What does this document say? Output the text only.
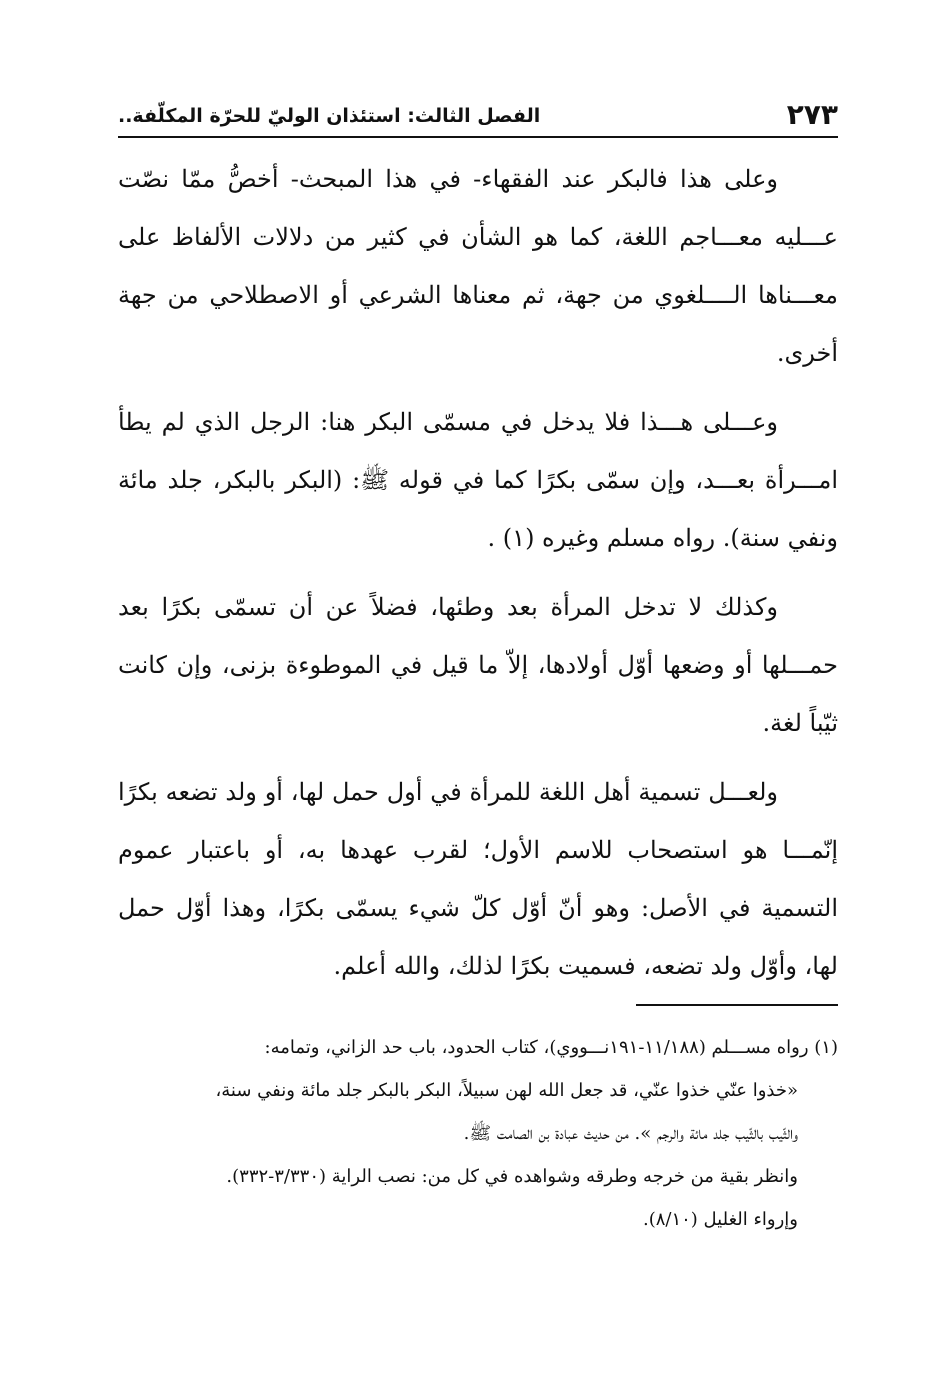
٢٧٣
الفصل الثالث: استئذان الوليّ للحرّة المكلّفة..

وعلى هذا فالبكر عند الفقهاء- في هذا المبحث- أخصُّ ممّا نصّت عـــليه معـــاجم اللغة، كما هو الشأن في كثير من دلالات الألفاظ على معـــناها الــــلغوي من جهة، ثم معناها الشرعي أو الاصطلاحي من جهة أخرى.

وعـــلى هـــذا فلا يدخل في مسمّى البكر هنا: الرجل الذي لم يطأ امـــرأة بعـــد، وإن سمّى بكرًا كما في قوله ﷺ: (البكر بالبكر، جلد مائة ونفي سنة). رواه مسلم وغيره (١) .

وكذلك لا تدخل المرأة بعد وطئها، فضلاً عن أن تسمّى بكرًا بعد حمـــلها أو وضعها أوّل أولادها، إلاّ ما قيل في الموطوءة بزنى، وإن كانت ثيّباً لغة.

ولعـــل تسمية أهل اللغة للمرأة في أول حمل لها، أو ولد تضعه بكرًا إنّمـــا هو استصحاب للاسم الأول؛ لقرب عهدها به، أو باعتبار عموم التسمية في الأصل: وهو أنّ أوّل كلّ شيء يسمّى بكرًا، وهذا أوّل حمل لها، وأوّل ولد تضعه، فسميت بكرًا لذلك، والله أعلم.

(١) رواه مســـلم (١١/١٨٨-١٩١نـــووي)، كتاب الحدود، باب حد الزاني، وتمامه:

«خذوا عنّي خذوا عنّي، قد جعل الله لهن سبيلاً، البكر بالبكر جلد مائة ونفي سنة،

والثّيب بالثّيب جلد مائة والرجم ». من حديث عبادة بن الصامت ﷺ.

وانظر بقية من خرجه وطرقه وشواهده في كل من: نصب الراية (٣/٣٣٠-٣٣٢).

وإرواء الغليل (٨/١٠).
